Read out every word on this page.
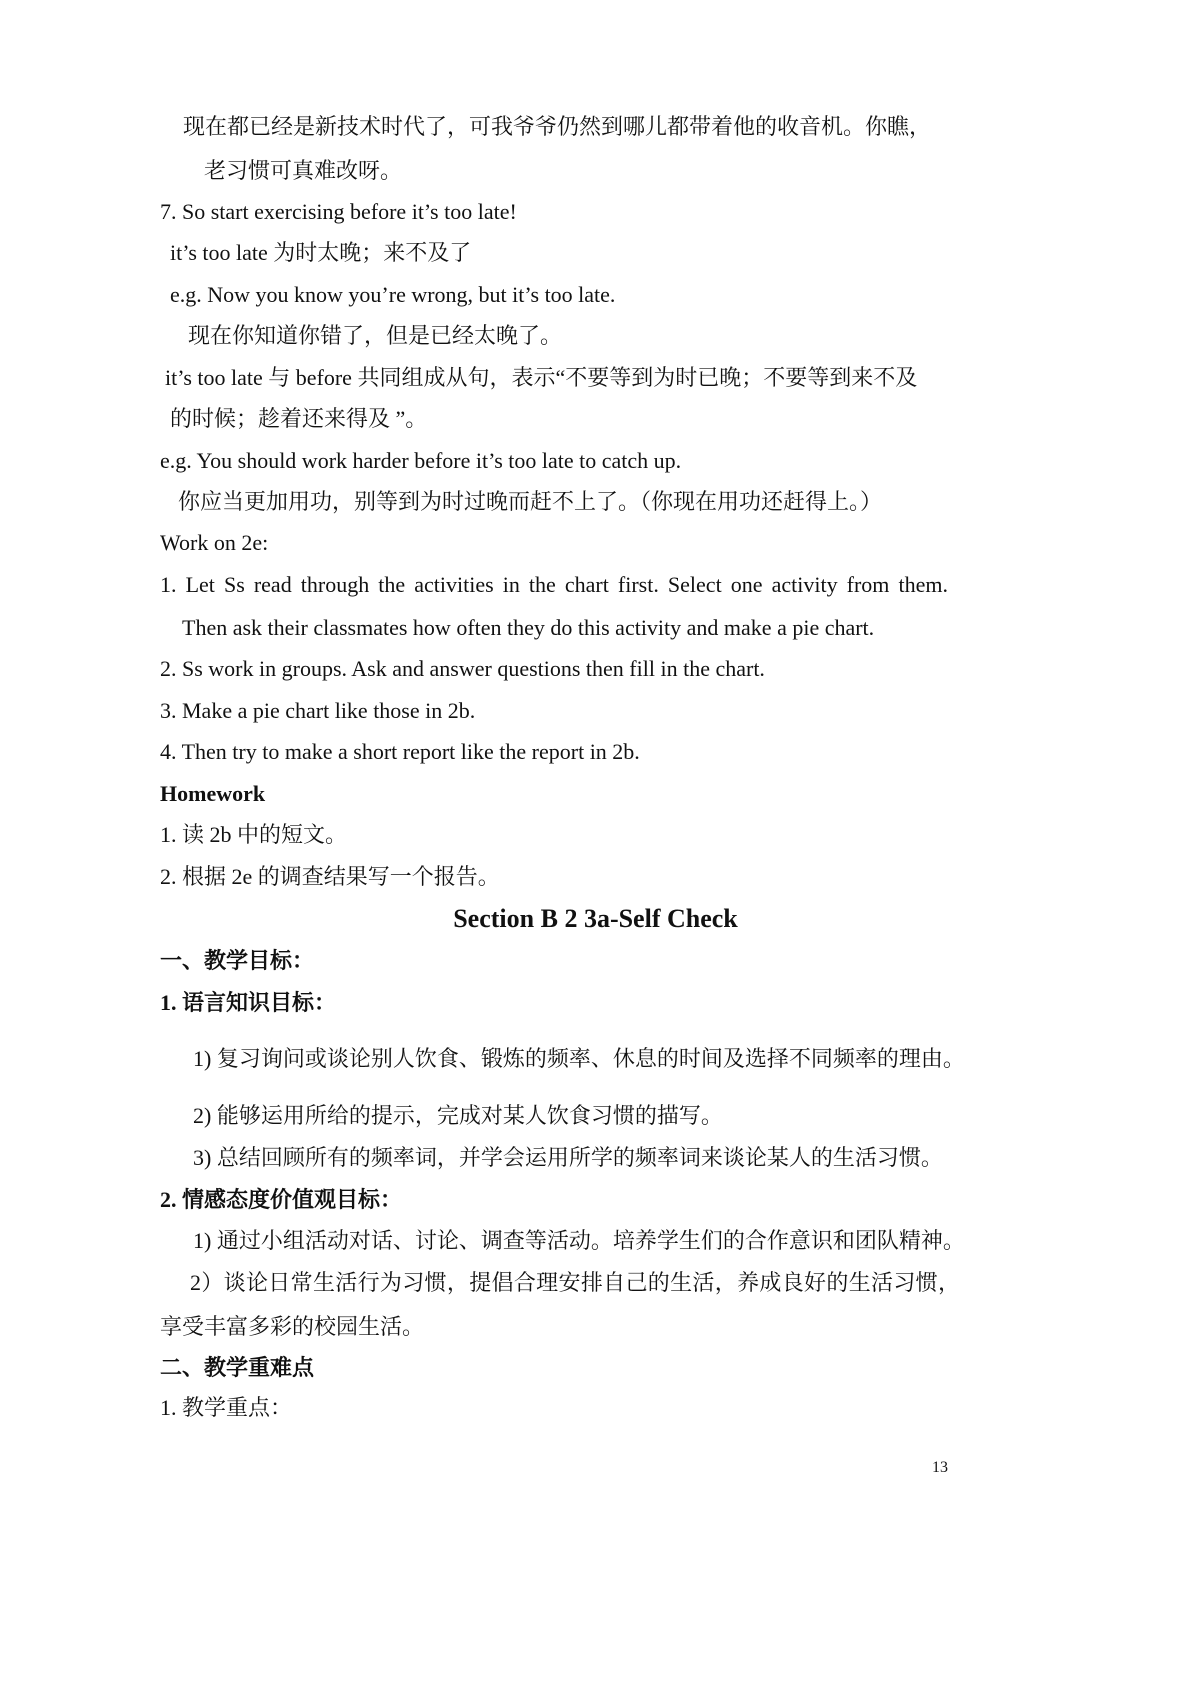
现在都已经是新技术时代了，可我爷爷仍然到哪儿都带着他的收音机。你瞧，
老习惯可真难改呀。
7. So start exercising before it’s too late!
it’s too late 为时太晚；来不及了
e.g. Now you know you’re wrong, but it’s too late.
现在你知道你错了，但是已经太晚了。
it’s too late 与 before 共同组成从句，表示“不要等到为时已晚；不要等到来不及
的时候；趁着还来得及 ”。
e.g. You should work harder before it’s too late to catch up.
你应当更加用功，别等到为时过晚而赶不上了。（你现在用功还赶得上。）
Work on 2e:
1. Let Ss read through the activities in the chart first. Select one activity from them.
Then ask their classmates how often they do this activity and make a pie chart.
2. Ss work in groups. Ask and answer questions then fill in the chart.
3. Make a pie chart like those in 2b.
4. Then try to make a short report like the report in 2b.
Homework
1. 读 2b 中的短文。
2. 根据 2e 的调查结果写一个报告。
Section B 2 3a-Self Check
一、教学目标：
1. 语言知识目标：
1) 复习询问或谈论别人饮食、锻炼的频率、休息的时间及选择不同频率的理由。
2) 能够运用所给的提示，完成对某人饮食习惯的描写。
3) 总结回顾所有的频率词，并学会运用所学的频率词来谈论某人的生活习惯。
2. 情感态度价值观目标：
1) 通过小组活动对话、讨论、调查等活动。培养学生们的合作意识和团队精神。
2）谈论日常生活行为习惯，提倡合理安排自己的生活，养成良好的生活习惯，
享受丰富多彩的校园生活。
二、教学重难点
1. 教学重点：
13
